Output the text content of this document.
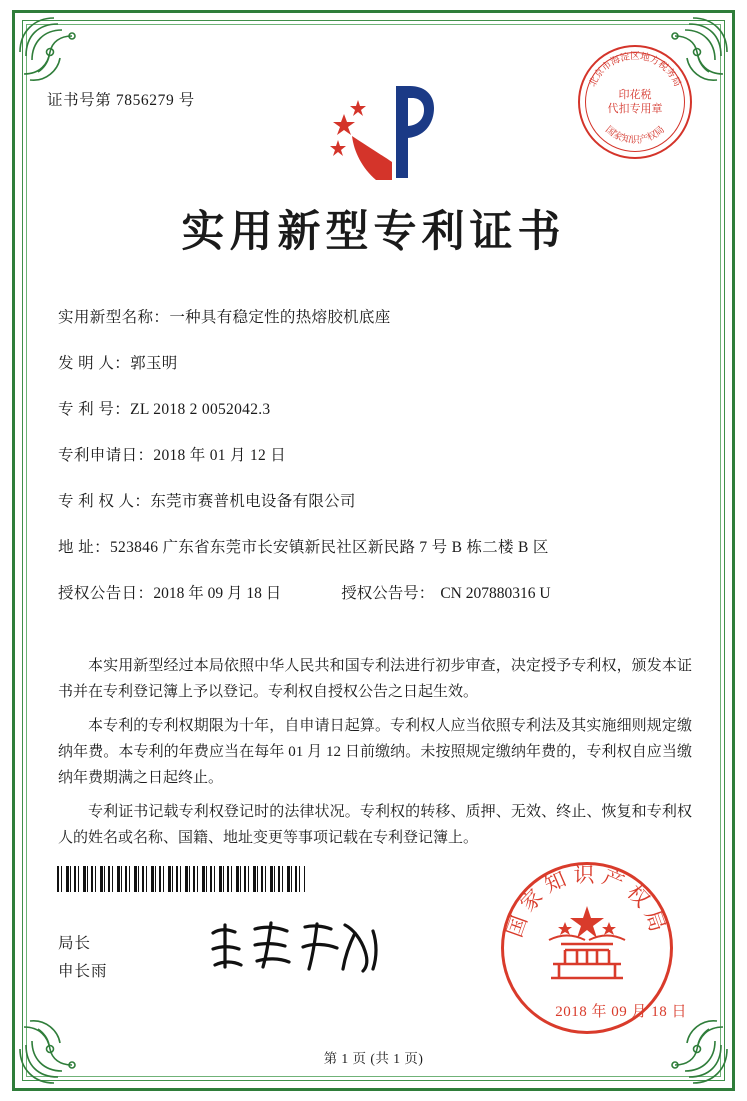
证书号第 7856279 号
北京市海淀区地方税务局
国家知识产权局
印花税
代扣专用章
实用新型专利证书
实用新型名称： 一种具有稳定性的热熔胶机底座
发 明 人： 郭玉明
专 利 号： ZL 2018 2 0052042.3
专利申请日： 2018 年 01 月 12 日
专 利 权 人： 东莞市赛普机电设备有限公司
地 址： 523846 广东省东莞市长安镇新民社区新民路 7 号 B 栋二楼 B 区
授权公告日： 2018 年 09 月 18 日	授权公告号： CN 207880316 U

本实用新型经过本局依照中华人民共和国专利法进行初步审查，决定授予专利权，颁发本证书并在专利登记簿上予以登记。专利权自授权公告之日起生效。

本专利的专利权期限为十年，自申请日起算。专利权人应当依照专利法及其实施细则规定缴纳年费。本专利的年费应当在每年 01 月 12 日前缴纳。未按照规定缴纳年费的，专利权自应当缴纳年费期满之日起终止。

专利证书记载专利权登记时的法律状况。专利权的转移、质押、无效、终止、恢复和专利权人的姓名或名称、国籍、地址变更等事项记载在专利登记簿上。

局长
申长雨
国家知识产权局
2018 年 09 月 18 日
第 1 页 (共 1 页)
